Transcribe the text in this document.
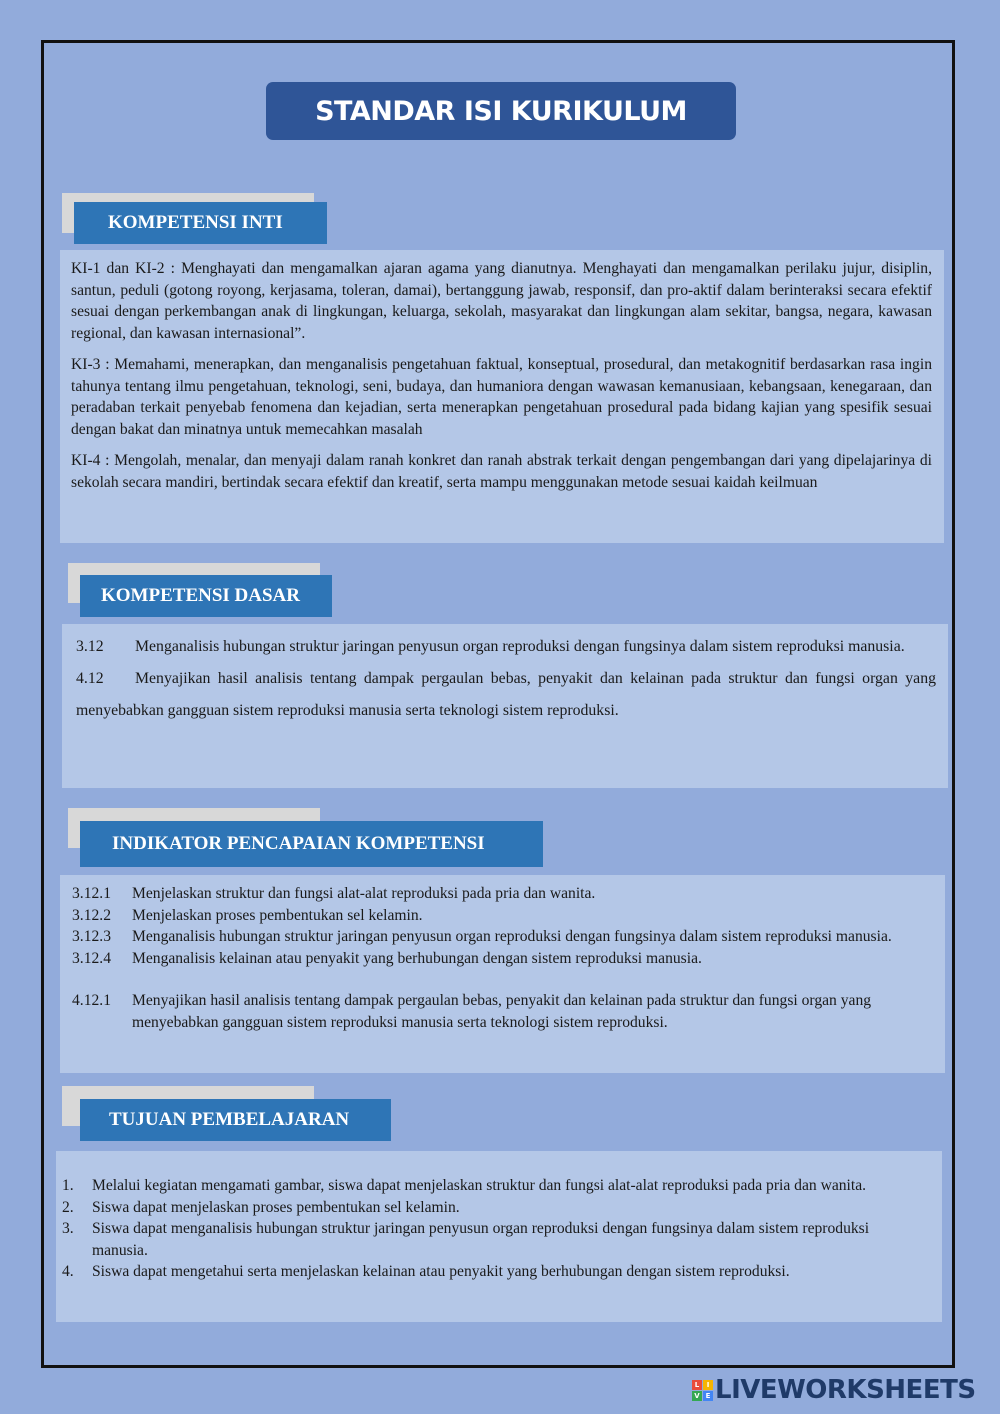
STANDAR ISI KURIKULUM
KOMPETENSI INTI

KI-1 dan KI-2 : Menghayati dan mengamalkan ajaran agama yang dianutnya. Menghayati dan mengamalkan perilaku jujur, disiplin, santun, peduli (gotong royong, kerjasama, toleran, damai), bertanggung jawab, responsif, dan pro-aktif dalam berinteraksi secara efektif sesuai dengan perkembangan anak di lingkungan, keluarga, sekolah, masyarakat dan lingkungan alam sekitar, bangsa, negara, kawasan regional, dan kawasan internasional”.

KI-3 : Memahami, menerapkan, dan menganalisis pengetahuan faktual, konseptual, prosedural, dan metakognitif berdasarkan rasa ingin tahunya tentang ilmu pengetahuan, teknologi, seni, budaya, dan humaniora dengan wawasan kemanusiaan, kebangsaan, kenegaraan, dan peradaban terkait penyebab fenomena dan kejadian, serta menerapkan pengetahuan prosedural pada bidang kajian yang spesifik sesuai dengan bakat dan minatnya untuk memecahkan masalah

KI-4 : Mengolah, menalar, dan menyaji dalam ranah konkret dan ranah abstrak terkait dengan pengembangan dari yang dipelajarinya di sekolah secara mandiri, bertindak secara efektif dan kreatif, serta mampu menggunakan metode sesuai kaidah keilmuan

KOMPETENSI DASAR

3.12 Menganalisis hubungan struktur jaringan penyusun organ reproduksi dengan fungsinya dalam sistem reproduksi manusia.

4.12 Menyajikan hasil analisis tentang dampak pergaulan bebas, penyakit dan kelainan pada struktur dan fungsi organ yang menyebabkan gangguan sistem reproduksi manusia serta teknologi sistem reproduksi.

INDIKATOR PENCAPAIAN KOMPETENSI
3.12.1	Menjelaskan struktur dan fungsi alat-alat reproduksi pada pria dan wanita.
3.12.2	Menjelaskan proses pembentukan sel kelamin.
3.12.3	Menganalisis hubungan struktur jaringan penyusun organ reproduksi dengan fungsinya dalam sistem reproduksi manusia.
3.12.4	Menganalisis kelainan atau penyakit yang berhubungan dengan sistem reproduksi manusia.
4.12.1	Menyajikan hasil analisis tentang dampak pergaulan bebas, penyakit dan kelainan pada struktur dan fungsi organ yang menyebabkan gangguan sistem reproduksi manusia serta teknologi sistem reproduksi.
TUJUAN PEMBELAJARAN
1.	Melalui kegiatan mengamati gambar, siswa dapat menjelaskan struktur dan fungsi alat-alat reproduksi pada pria dan wanita.
2.	Siswa dapat menjelaskan proses pembentukan sel kelamin.
3.	Siswa dapat menganalisis hubungan struktur jaringan penyusun organ reproduksi dengan fungsinya dalam sistem reproduksi manusia.
4.	Siswa dapat mengetahui serta menjelaskan kelainan atau penyakit yang berhubungan dengan sistem reproduksi.
L	I
V E LIVEWORKSHEETS
